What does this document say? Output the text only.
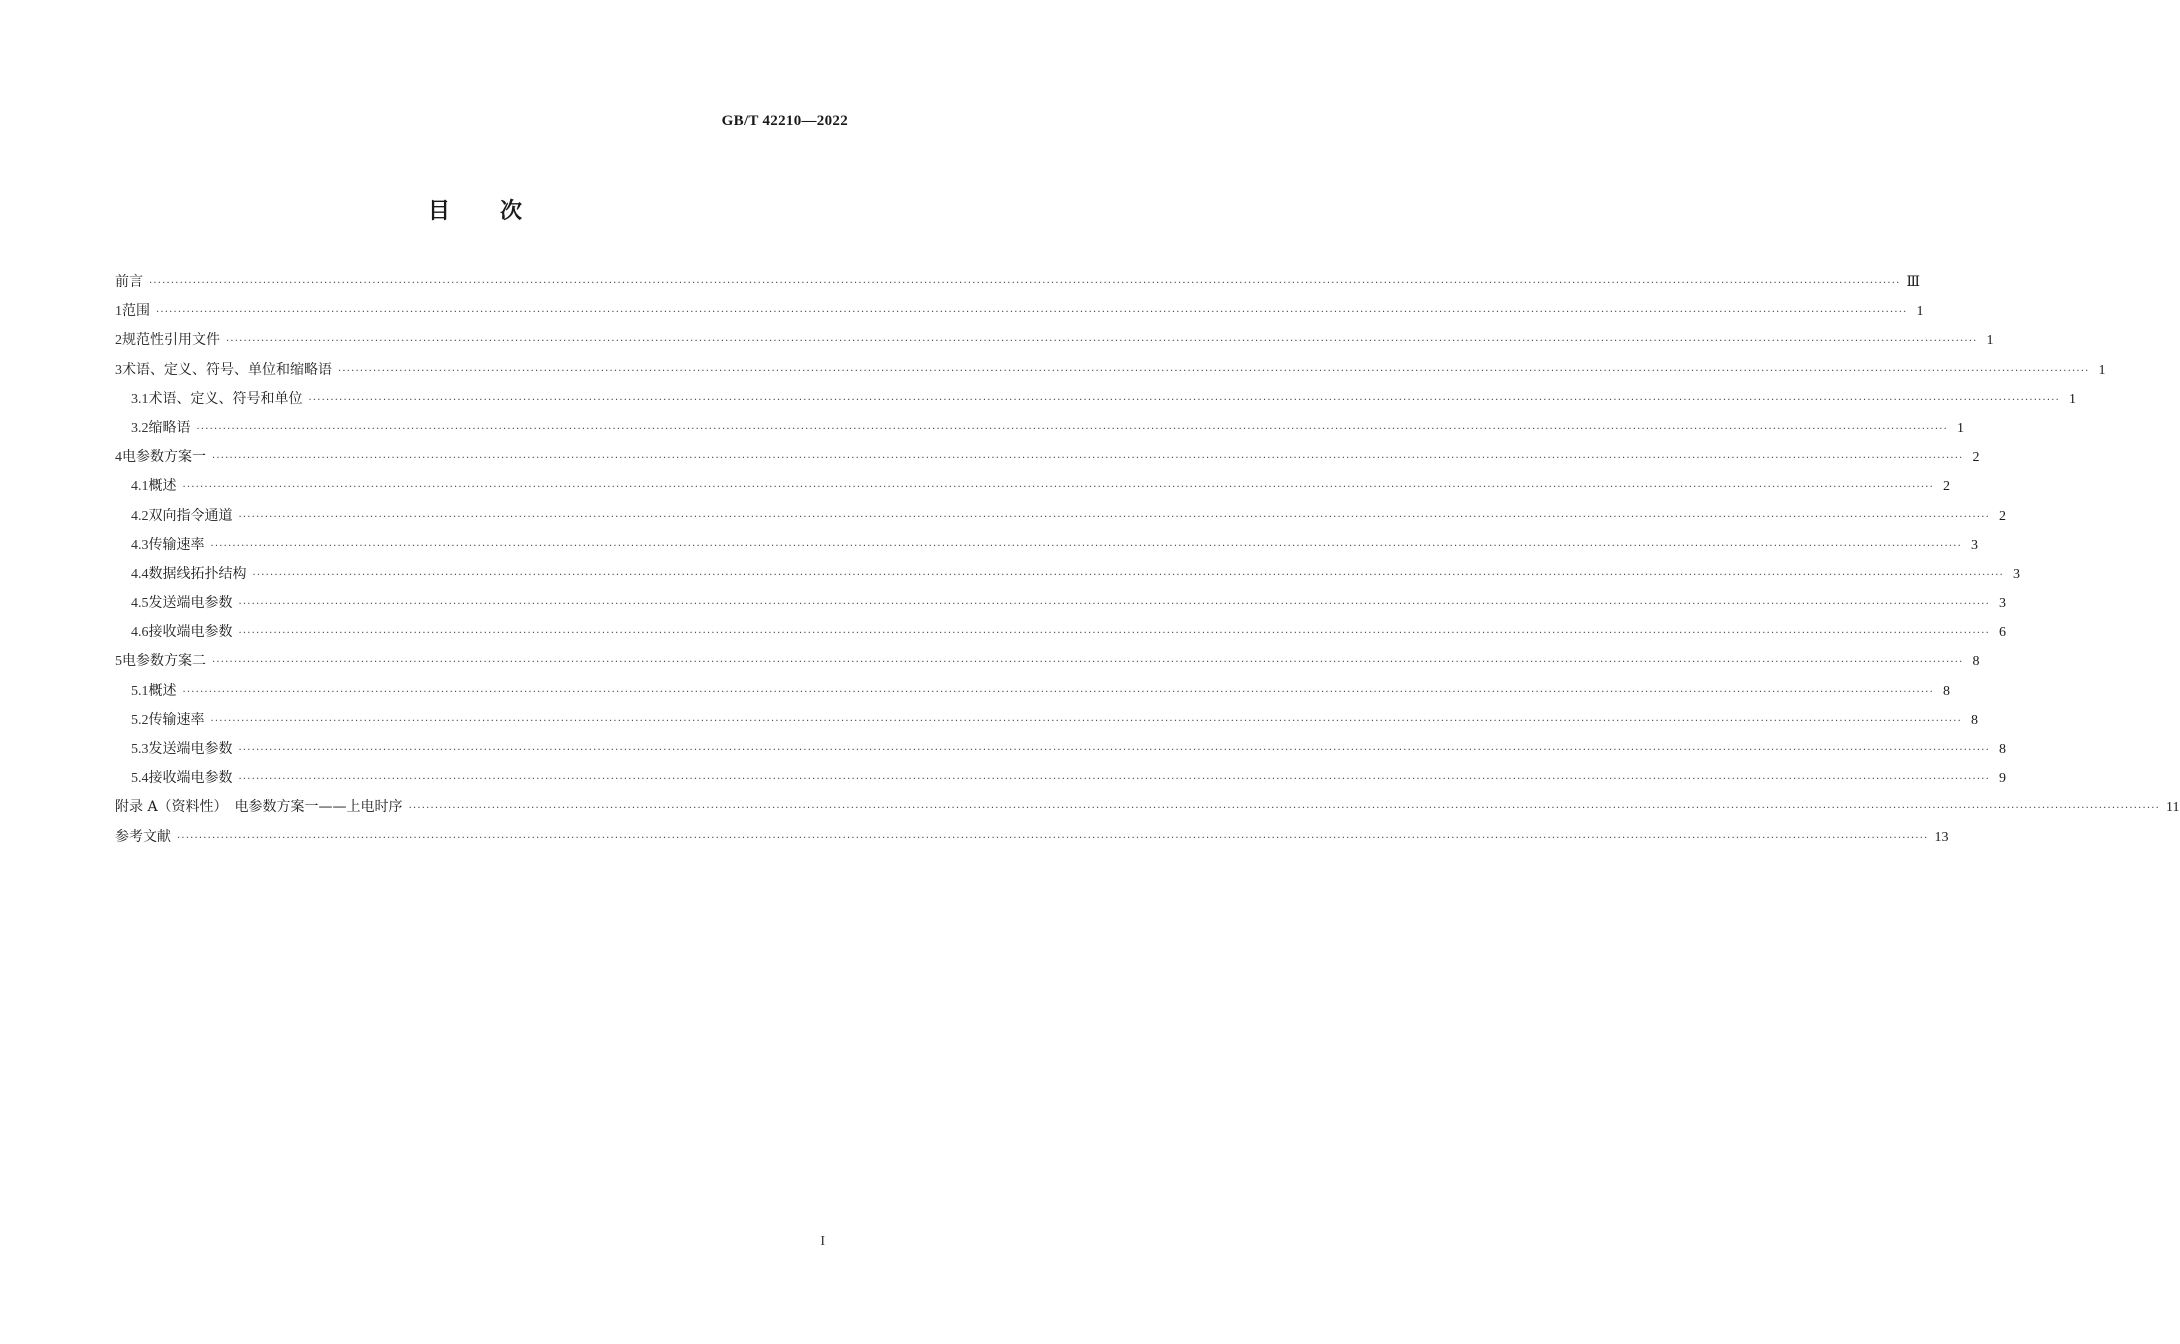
GB/T 42210—2022
目次
前言 ················································································································································································································································································································································································································ Ⅲ
1 范围 ················································································································································································································································································································································································································ 1
2 规范性引用文件 ················································································································································································································································································································································································································ 1
3 术语、定义、符号、单位和缩略语 ················································································································································································································································································································································································································ 1
3.1 术语、定义、符号和单位 ················································································································································································································································································································································································································ 1
3.2 缩略语 ················································································································································································································································································································································································································ 1
4 电参数方案一 ················································································································································································································································································································································································································ 2
4.1 概述 ················································································································································································································································································································································································································ 2
4.2 双向指令通道 ················································································································································································································································································································································································································ 2
4.3 传输速率 ················································································································································································································································································································································································································ 3
4.4 数据线拓扑结构 ················································································································································································································································································································································································································ 3
4.5 发送端电参数 ················································································································································································································································································································································································································ 3
4.6 接收端电参数 ················································································································································································································································································································································································································ 6
5 电参数方案二 ················································································································································································································································································································································································································ 8
5.1 概述 ················································································································································································································································································································································································································ 8
5.2 传输速率 ················································································································································································································································································································································································································ 8
5.3 发送端电参数 ················································································································································································································································································································································································································ 8
5.4 接收端电参数 ················································································································································································································································································································································································································ 9
附录 A（资料性）　电参数方案一——上电时序 ················································································································································································································································································································································································································ 11
参考文献 ················································································································································································································································································································································································································ 13
I
